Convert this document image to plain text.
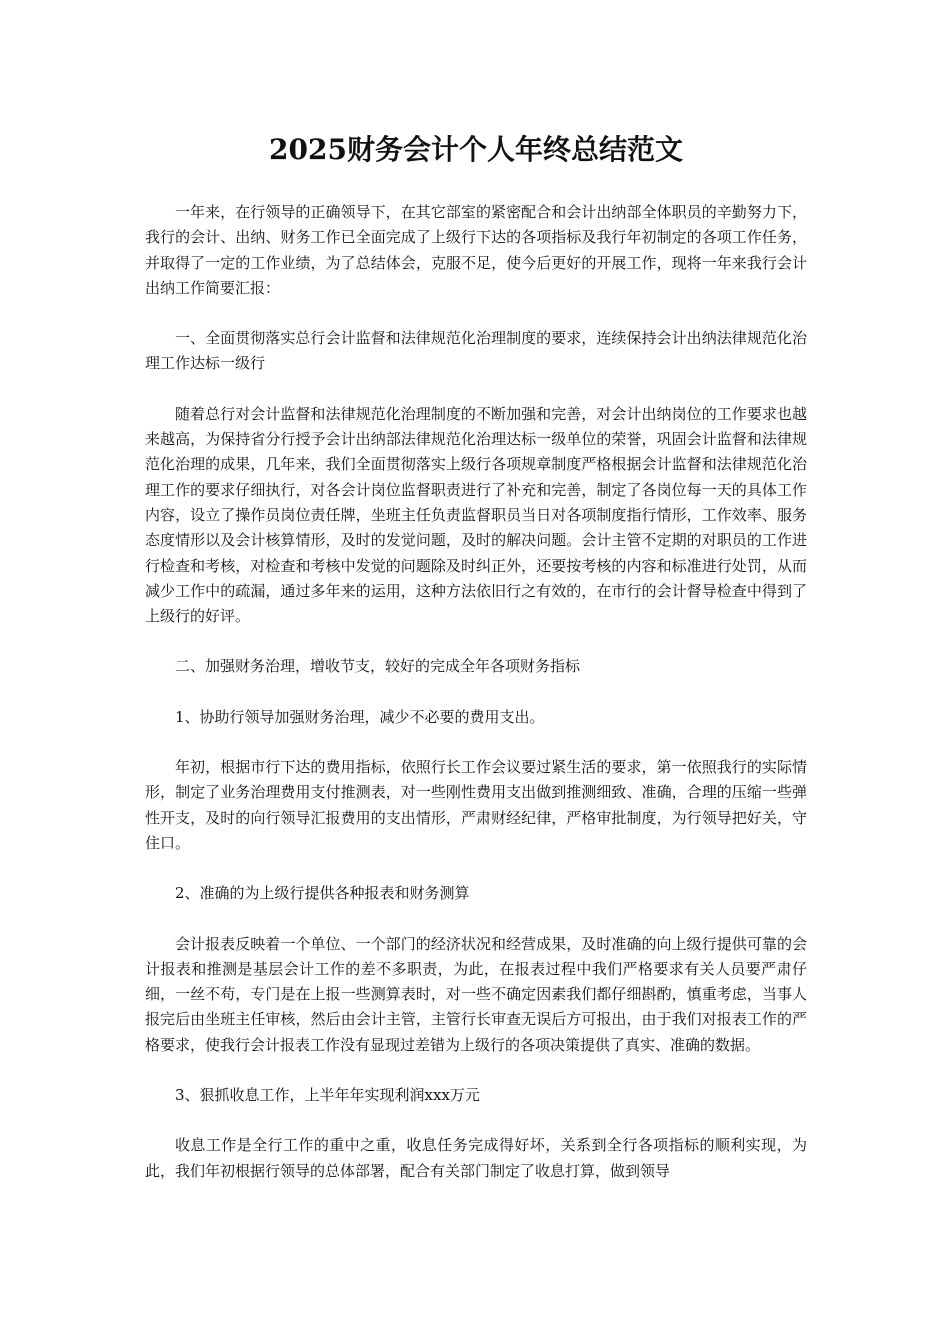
2025财务会计个人年终总结范文

一年来，在行领导的正确领导下，在其它部室的紧密配合和会计出纳部全体职员的辛勤努力下，我行的会计、出纳、财务工作已全面完成了上级行下达的各项指标及我行年初制定的各项工作任务，并取得了一定的工作业绩，为了总结体会，克服不足，使今后更好的开展工作，现将一年来我行会计出纳工作简要汇报：

一、全面贯彻落实总行会计监督和法律规范化治理制度的要求，连续保持会计出纳法律规范化治理工作达标一级行

随着总行对会计监督和法律规范化治理制度的不断加强和完善，对会计出纳岗位的工作要求也越来越高，为保持省分行授予会计出纳部法律规范化治理达标一级单位的荣誉，巩固会计监督和法律规范化治理的成果，几年来，我们全面贯彻落实上级行各项规章制度严格根据会计监督和法律规范化治理工作的要求仔细执行，对各会计岗位监督职责进行了补充和完善，制定了各岗位每一天的具体工作内容，设立了操作员岗位责任牌，坐班主任负责监督职员当日对各项制度指行情形，工作效率、服务态度情形以及会计核算情形，及时的发觉问题，及时的解决问题。会计主管不定期的对职员的工作进行检查和考核，对检查和考核中发觉的问题除及时纠正外，还要按考核的内容和标准进行处罚，从而减少工作中的疏漏，通过多年来的运用，这种方法依旧行之有效的，在市行的会计督导检查中得到了上级行的好评。

二、加强财务治理，增收节支，较好的完成全年各项财务指标

1、协助行领导加强财务治理，减少不必要的费用支出。

年初，根据市行下达的费用指标，依照行长工作会议要过紧生活的要求，第一依照我行的实际情形，制定了业务治理费用支付推测表，对一些刚性费用支出做到推测细致、准确，合理的压缩一些弹性开支，及时的向行领导汇报费用的支出情形，严肃财经纪律，严格审批制度，为行领导把好关，守住口。

2、准确的为上级行提供各种报表和财务测算

会计报表反映着一个单位、一个部门的经济状况和经营成果，及时准确的向上级行提供可靠的会计报表和推测是基层会计工作的差不多职责，为此，在报表过程中我们严格要求有关人员要严肃仔细，一丝不苟，专门是在上报一些测算表时，对一些不确定因素我们都仔细斟酌，慎重考虑，当事人报完后由坐班主任审核，然后由会计主管，主管行长审查无误后方可报出，由于我们对报表工作的严格要求，使我行会计报表工作没有显现过差错为上级行的各项决策提供了真实、准确的数据。

3、狠抓收息工作，上半年年实现利润xxx万元

收息工作是全行工作的重中之重，收息任务完成得好坏，关系到全行各项指标的顺利实现，为此，我们年初根据行领导的总体部署，配合有关部门制定了收息打算，做到领导
